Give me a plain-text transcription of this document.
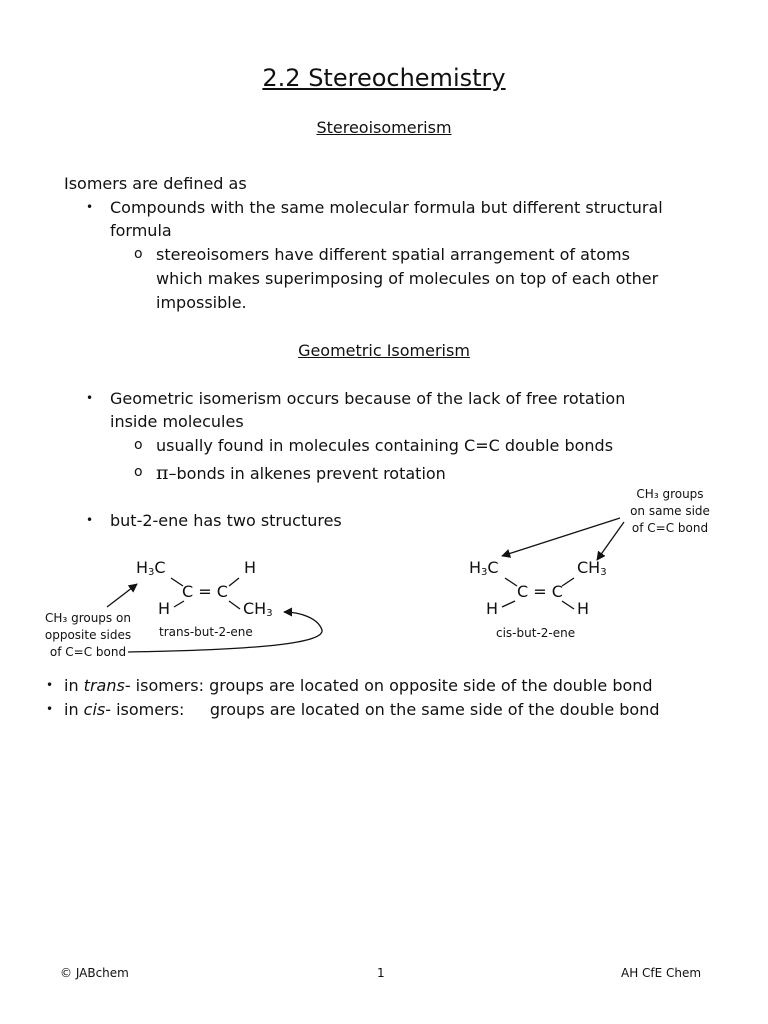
2.2 Stereochemistry
Stereoisomerism
Isomers are defined as
• Compounds with the same molecular formula but different structural
formula
o stereoisomers have different spatial arrangement of atoms
which makes superimposing of molecules on top of each other
impossible.
Geometric Isomerism
• Geometric isomerism occurs because of the lack of free rotation
inside molecules
o usually found in molecules containing C=C double bonds
o π–bonds in alkenes prevent rotation
• but-2-ene has two structures
CH₃ groups
on same side
of C=C bond
CH₃ groups on
opposite sides
of C=C bond
$H_3C$	H
C = C
H	$CH_3$
trans-but-2-ene
$H_3C$	$CH_3$
C = C
H	H
cis-but-2-ene
• in trans- isomers: groups are located on opposite side of the double bond
• in cis- isomers:     groups are located on the same side of the double bond
© JABchem	1	AH CfE Chem
